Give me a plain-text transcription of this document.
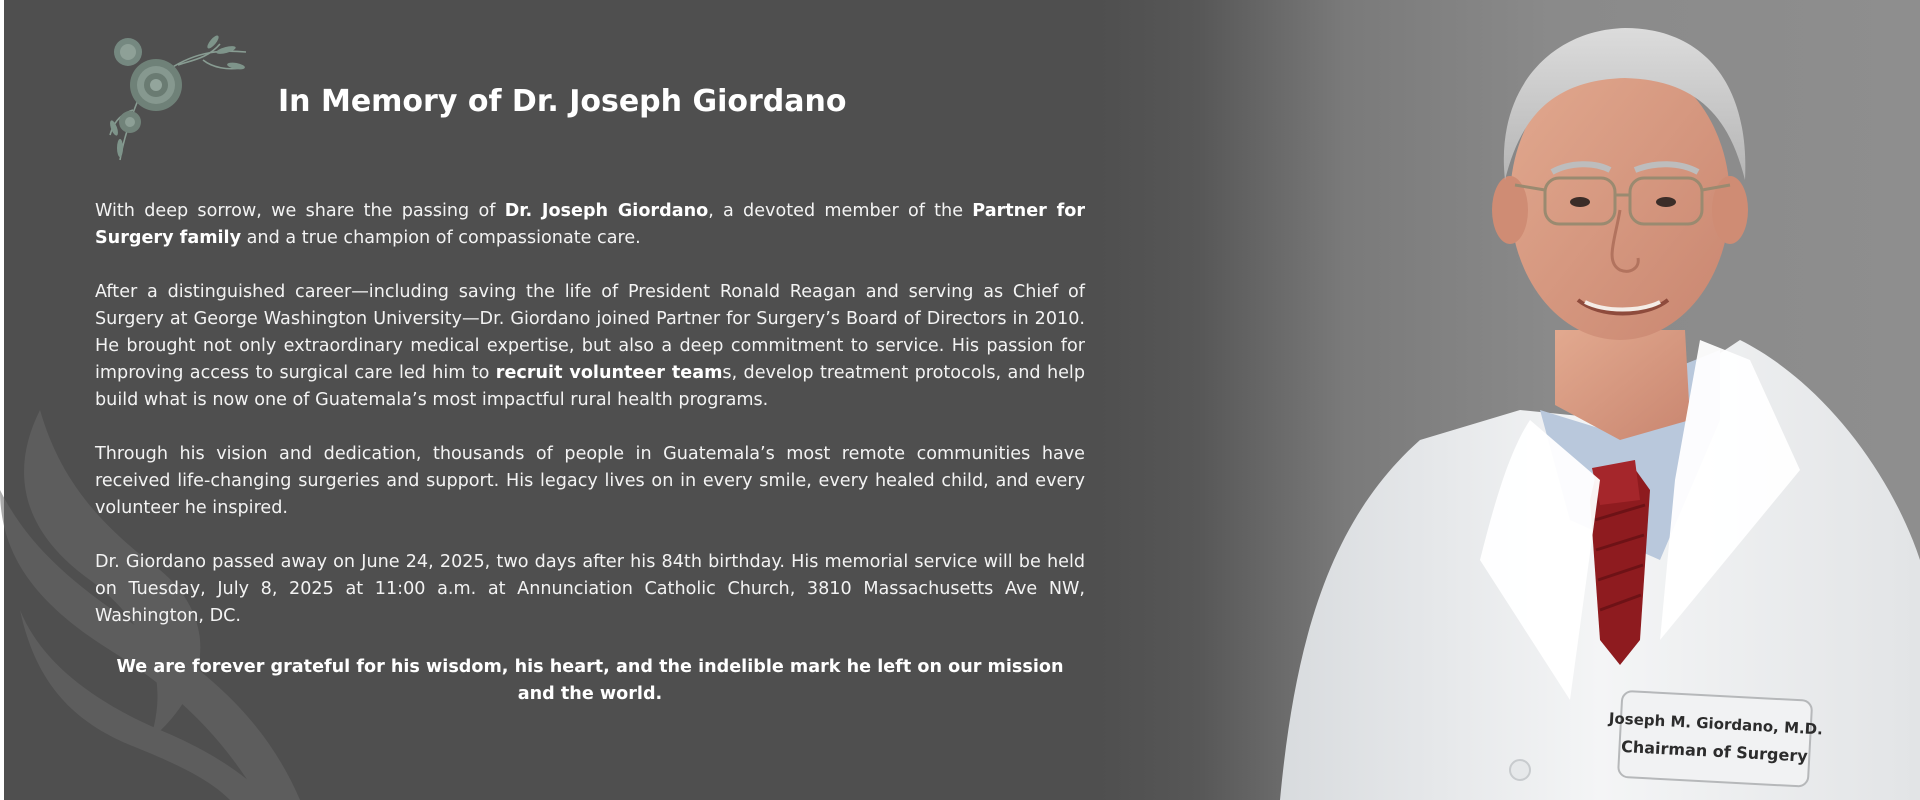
In Memory of Dr. Joseph Giordano

With deep sorrow, we share the passing of Dr. Joseph Giordano, a devoted member of the Partner for Surgery family and a true champion of compassionate care.

After a distinguished career—including saving the life of President Ronald Reagan and serving as Chief of Surgery at George Washington University—Dr. Giordano joined Partner for Surgery’s Board of Directors in 2010. He brought not only extraordinary medical expertise, but also a deep commitment to service. His passion for improving access to surgical care led him to recruit volunteer teams, develop treatment protocols, and help build what is now one of Guatemala’s most impactful rural health programs.

Through his vision and dedication, thousands of people in Guatemala’s most remote communities have received life-changing surgeries and support. His legacy lives on in every smile, every healed child, and every volunteer he inspired.

Dr. Giordano passed away on June 24, 2025, two days after his 84th birthday. His memorial service will be held on Tuesday, July 8, 2025 at 11:00 a.m. at Annunciation Catholic Church, 3810 Massachusetts Ave NW, Washington, DC.

We are forever grateful for his wisdom, his heart, and the indelible mark he left on our mission and the world.

Joseph M. Giordano, M.D.
Chairman of Surgery
